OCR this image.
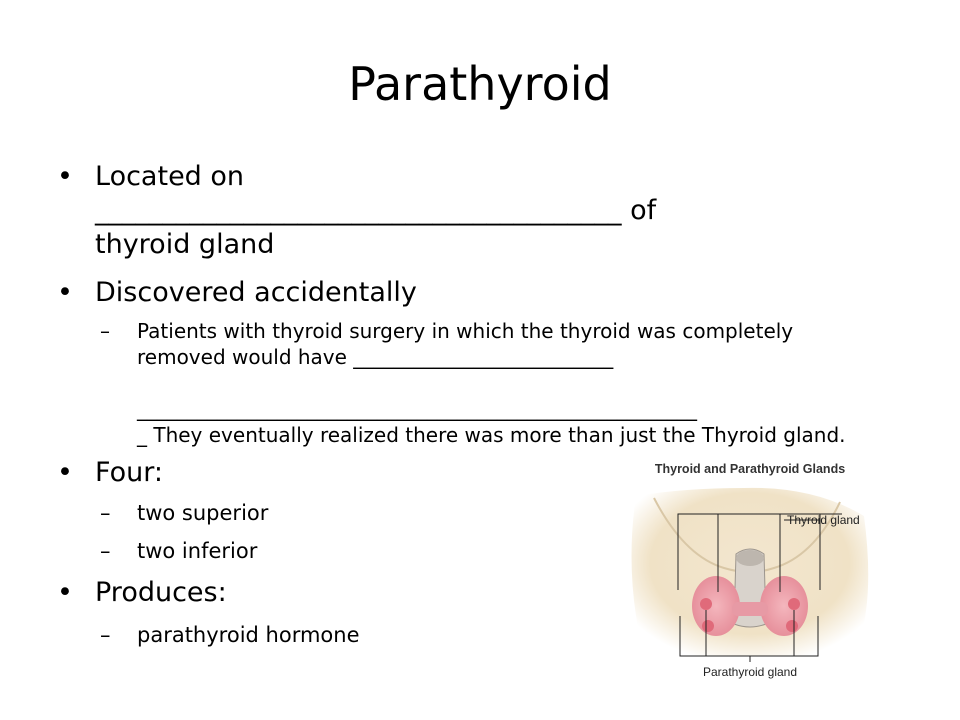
Parathyroid
• Located on
_______________________________________ of
thyroid gland
• Discovered accidentally
– Patients with thyroid surgery in which the thyroid was completely
removed would have __________________________
________________________________________________________
_ They eventually realized there was more than just the Thyroid gland.
• Four:
– two superior
– two inferior
• Produces:
– parathyroid hormone
Thyroid and Parathyroid Glands
Thyroid gland
Parathyroid gland
